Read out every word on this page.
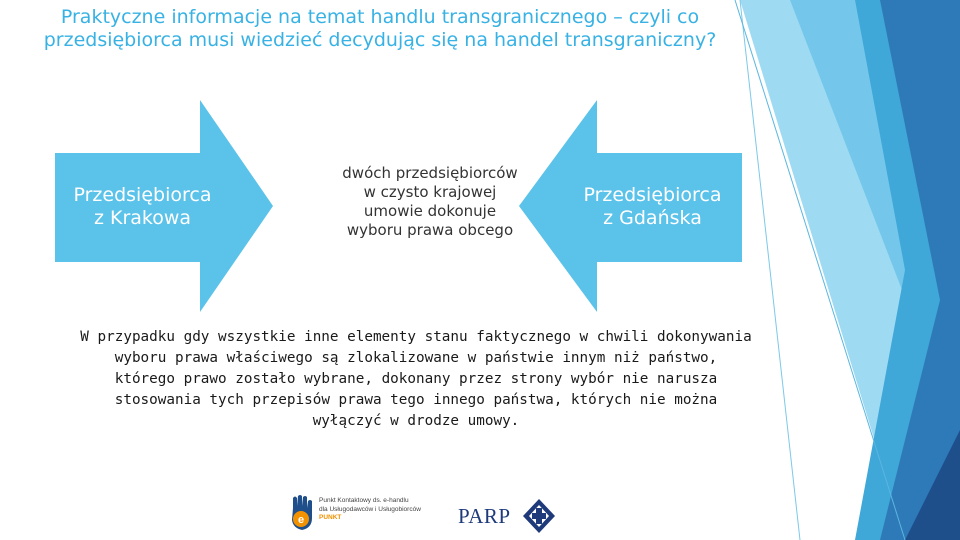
Praktyczne informacje na temat handlu transgranicznego – czyli co
przedsiębiorca musi wiedzieć decydując się na handel transgraniczny?
Przedsiębiorca
z Krakowa
Przedsiębiorca
z Gdańska
dwóch przedsiębiorców
w czysto krajowej
umowie dokonuje
wyboru prawa obcego
W przypadku gdy wszystkie inne elementy stanu faktycznego w chwili dokonywania
wyboru prawa właściwego są zlokalizowane w państwie innym niż państwo,
którego prawo zostało wybrane, dokonany przez strony wybór nie narusza
stosowania tych przepisów prawa tego innego państwa, których nie można
wyłączyć w drodze umowy.
e
Punkt Kontaktowy ds. e-handlu
dla Usługodawców i Usługobiorców
PUNKT	PARP
